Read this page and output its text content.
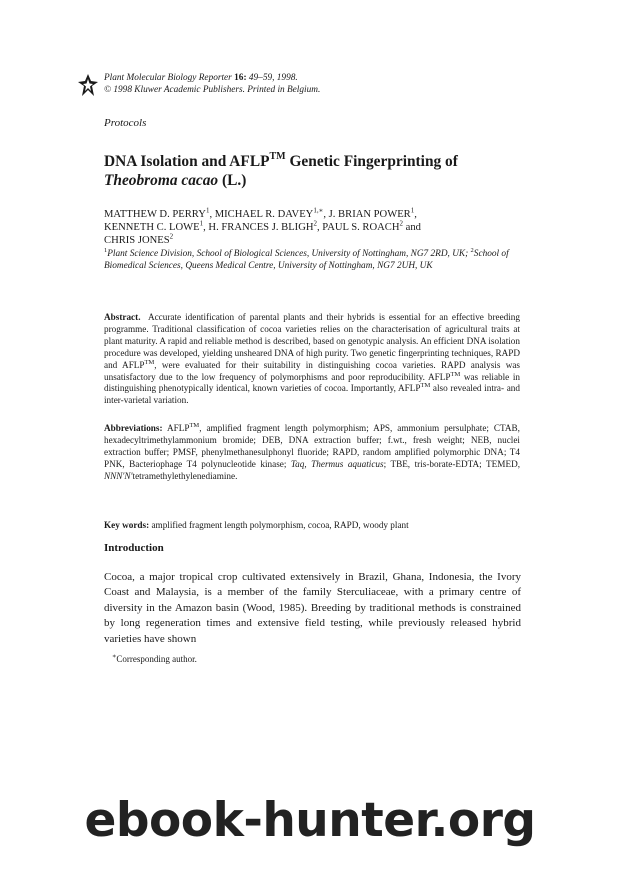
Plant Molecular Biology Reporter 16: 49–59, 1998.
© 1998 Kluwer Academic Publishers. Printed in Belgium.
Protocols
DNA Isolation and AFLP™ Genetic Fingerprinting of
Theobroma cacao (L.)
MATTHEW D. PERRY$^1$, MICHAEL R. $DAVEY^{1,∗}$, J. BRIAN POWER$^1$,
KENNETH C. LOWE$^1$, H. FRANCES J. BLIGH$^2$, PAUL S. ROACH$^2$ and
CHRIS JONES$^2$
$^1$Plant Science Division, School of Biological Sciences, University of Nottingham, NG7 2RD, UK; $^2$School of Biomedical Sciences, Queens Medical Centre, University of Nottingham, NG7 2UH, UK
Abstract. Accurate identification of parental plants and their hybrids is essential for an effective breeding programme. Traditional classification of cocoa varieties relies on the characterisation of agricultural traits at plant maturity. A rapid and reliable method is described, based on genotypic analysis. An efficient DNA isolation procedure was developed, yielding unsheared DNA of high purity. Two genetic fingerprinting techniques, RAPD and AFLP™, were evaluated for their suitability in distinguishing cocoa varieties. RAPD analysis was unsatisfactory due to the low frequency of polymorphisms and poor reproducibility. AFLP™ was reliable in distinguishing phenotypically identical, known varieties of cocoa. Importantly, AFLP™ also revealed intra- and inter-varietal variation.
Abbreviations: AFLP™, amplified fragment length polymorphism; APS, ammonium persulphate; CTAB, hexadecyltrimethylammonium bromide; DEB, DNA extraction buffer; f.wt., fresh weight; NEB, nuclei extraction buffer; PMSF, phenylmethanesulphonyl fluoride; RAPD, random amplified polymorphic DNA; T4 PNK, Bacteriophage T4 polynucleotide kinase; Taq, Thermus aquaticus; TBE, tris-borate-EDTA; TEMED, NNN′N′tetramethylethylenediamine.
Key words: amplified fragment length polymorphism, cocoa, RAPD, woody plant
Introduction
Cocoa, a major tropical crop cultivated extensively in Brazil, Ghana, Indonesia, the Ivory Coast and Malaysia, is a member of the family Sterculiaceae, with a primary centre of diversity in the Amazon basin (Wood, 1985). Breeding by traditional methods is constrained by long regeneration times and extensive field testing, while previously released hybrid varieties have shown
∗Corresponding author.
ebook-hunter.org
